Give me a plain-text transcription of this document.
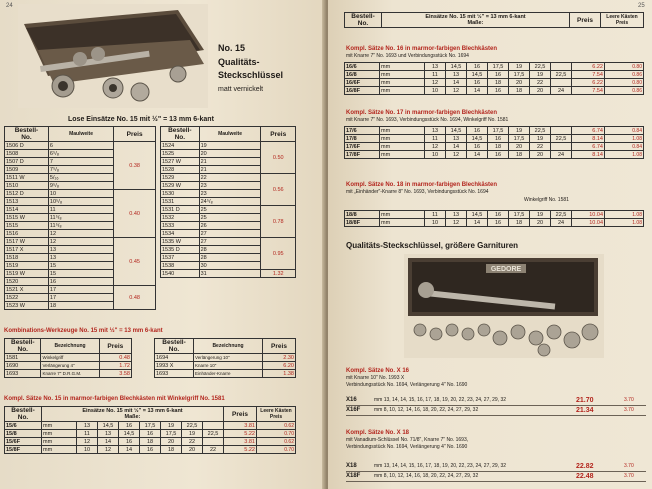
24
No. 15
Qualitäts-
Steckschlüssel
matt vernickelt
Lose Einsätze No. 15 mit ½" = 13 mm 6-kant
Bestell-
No.	Maulweite	Preis
1506 D	6	0.38
1508	6⁵/₈	
1507 D	7	
1509	7⁵/₈	
1511 W	5/₁₆	
1510	9⁵/₈	
1512 D	10	0.40
1513	10⁵/₈	
1514	11	
1515 W	11⁵/₈	
1515	11⁵/₈	
1516	12	
1517 W	12	0.45
1517 X	13	
1518	13	
1519	15	
1519 W	15	
1520	16	
1521 X	17	0.48
1522	17	
1523 W	18	
Bestell-
No.	Maulweite	Preis
1524	19	0.50
1525	20	
1527 W	21	
1528	21	
1529	22	0.56
1529 W	23	
1530	23	
1531	24⁵/₈	
1531 D	25	0.78
1532	25	
1533	26	
1534	27	
1535 W	27	0.95
1535 D	28	
1537	28	
1538	30	
1540	31	1.32
Kombinations-Werkzeuge No. 15 mit ½" = 13 mm 6-kant
Bestell-
No.	Bezeichnung	Preis
1581	Winkelgriff	0.48
1690	Verlängerung 4"	1.72
1693	Knarre 7" D.R.G.M.	3.58
Bestell-
No.	Bezeichnung	Preis
1694	Verlängerung 10"	2.30
1993 X	Knarre 10"	6.20
1693	Einhänder-Knarre	1.38
Kompl. Sätze No. 15 in marmor-farbigen Blechkästen mit Winkelgriff No. 1581
Bestell-
No.	Einsätze No. 15 mit ½" = 13 mm 6-kant
Maße:								Preis	Leere Kästen
Preis
15/6	mm	13	14,5	16	17,5	19	22,5		3.81	0.62
15/8	mm	11	13	14,5	16	17,5	19	22,5	5.22	0.70
15/6F	mm	12	14	16	18	20	22		3.81	0.62
15/8F	mm	10	12	14	16	18	20	22	5.22	0.70
25
Bestell-
No.	Einsätze No. 15 mit ½" = 13 mm 6-kant
Maße:	Preis	Leere Kästen
Preis
Kompl. Sätze No. 16 in marmor-farbigen Blechkästen
mit Knarre 7" No. 1693 und Verbindungsstück No. 1694
16/6	mm	13	14,5	16	17,5	19	22,5		6.22	0.80
16/8	mm	11	13	14,5	16	17,5	19	22,5	7.54	0.86
16/6F	mm	12	14	16	18	20	22		6.22	0.80
16/8F	mm	10	12	14	16	18	20	24	7.54	0.86
Kompl. Sätze No. 17 in marmor-farbigen Blechkästen
mit Knarre 7" No. 1693, Verbindungsstück No. 1694, Winkelgriff No. 1581
17/6	mm	13	14,5	16	17,5	19	22,5		6.74	0.84
17/8	mm	11	13	14,5	16	17,5	19	22,5	8.14	1.08
17/6F	mm	12	14	16	18	20	22		6.74	0.84
17/8F	mm	10	12	14	16	18	20	24	8.14	1.08
Kompl. Sätze No. 18 in marmor-farbigen Blechkästen
mit „Einhänder"-Knarre 8" No. 1693, Verbindungsstück No. 1694
Winkelgriff No. 1581
18/8	mm	11	13	14,5	16	17,5	19	22,5	10.04	1.08
18/8F	mm	10	12	14	16	18	20	24	10.04	1.08
Qualitäts-Steckschlüssel, größere Garnituren
GEDORE
Kompl. Sätze No. X 16
mit Knarre 10" No. 1993 X
Verbindungsstück No. 1694, Verlängerung 4" No. 1690
X16	mm 13, 14, 14, 15, 16, 17, 18, 19, 20, 22, 23, 24, 27, 29, 32	21.70	3.70
X16F	mm 8, 10, 12, 14, 16, 18, 20, 22, 24, 27, 29, 32	21.34	3.70
Kompl. Sätze No. X 18
mit Vanadium-Schlüssel No. 71/8", Knarre 7" No. 1693,
Verbindungsstück No. 1694, Verlängerung 4" No. 1690
X18	mm 13, 14, 14, 15, 16, 17, 18, 19, 20, 22, 23, 24, 27, 29, 32	22.82	3.70
X18F	mm 8, 10, 12, 14, 16, 18, 20, 22, 24, 27, 29, 32	22.48	3.70
